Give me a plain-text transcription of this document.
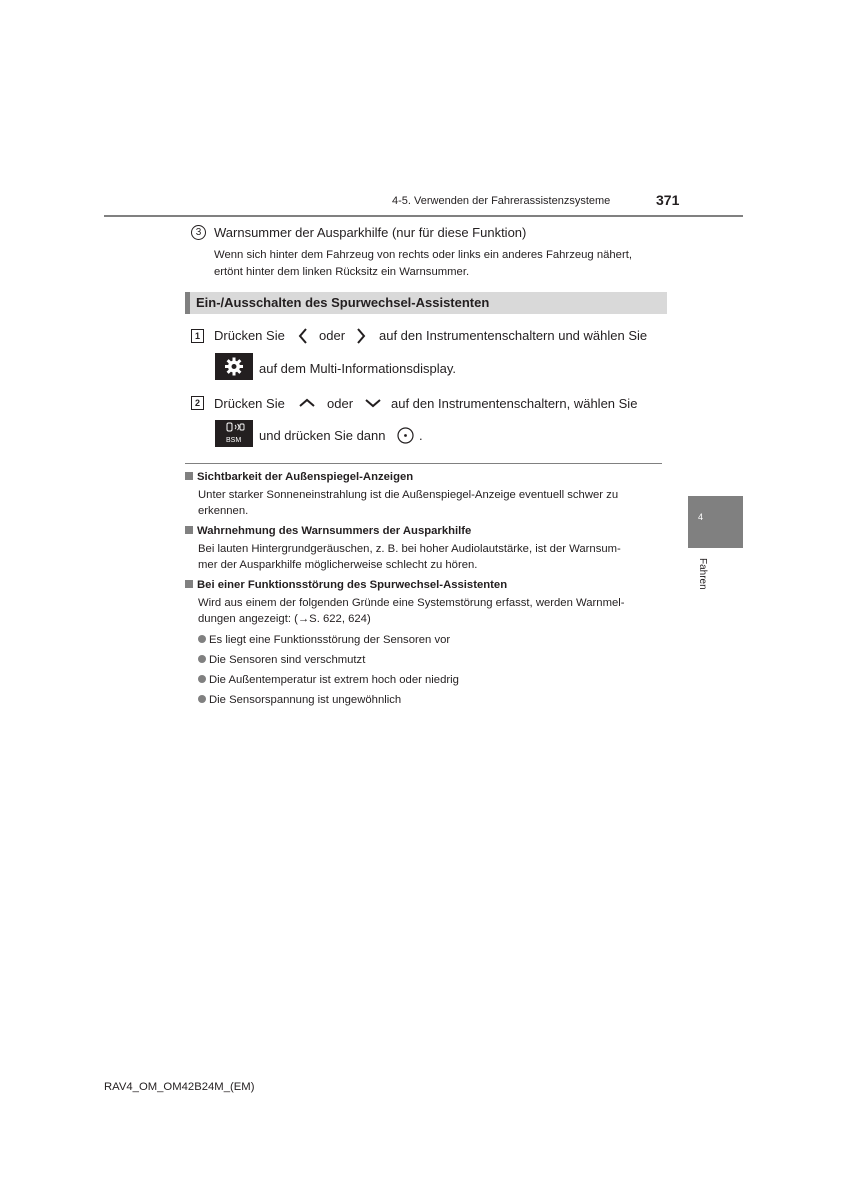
4-5. Verwenden der Fahrerassistenzsysteme	371
4
Fahren
3 Warnsummer der Ausparkhilfe (nur für diese Funktion)
Wenn sich hinter dem Fahrzeug von rechts oder links ein anderes Fahrzeug nähert,
ertönt hinter dem linken Rücksitz ein Warnsummer.
Ein-/Ausschalten des Spurwechsel-Assistenten
1	Drücken Sie	oder	auf den Instrumentenschaltern und wählen Sie
auf dem Multi-Informationsdisplay.
2	Drücken Sie	oder	auf den Instrumentenschaltern, wählen Sie
BSM und drücken Sie dann	.
Sichtbarkeit der Außenspiegel-Anzeigen
Unter starker Sonneneinstrahlung ist die Außenspiegel-Anzeige eventuell schwer zu
erkennen.
Wahrnehmung des Warnsummers der Ausparkhilfe
Bei lauten Hintergrundgeräuschen, z. B. bei hoher Audiolautstärke, ist der Warnsum-
mer der Ausparkhilfe möglicherweise schlecht zu hören.
Bei einer Funktionsstörung des Spurwechsel-Assistenten
Wird aus einem der folgenden Gründe eine Systemstörung erfasst, werden Warnmel-
dungen angezeigt: (→S. 622, 624)
Es liegt eine Funktionsstörung der Sensoren vor
Die Sensoren sind verschmutzt
Die Außentemperatur ist extrem hoch oder niedrig
Die Sensorspannung ist ungewöhnlich
RAV4_OM_OM42B24M_(EM)
